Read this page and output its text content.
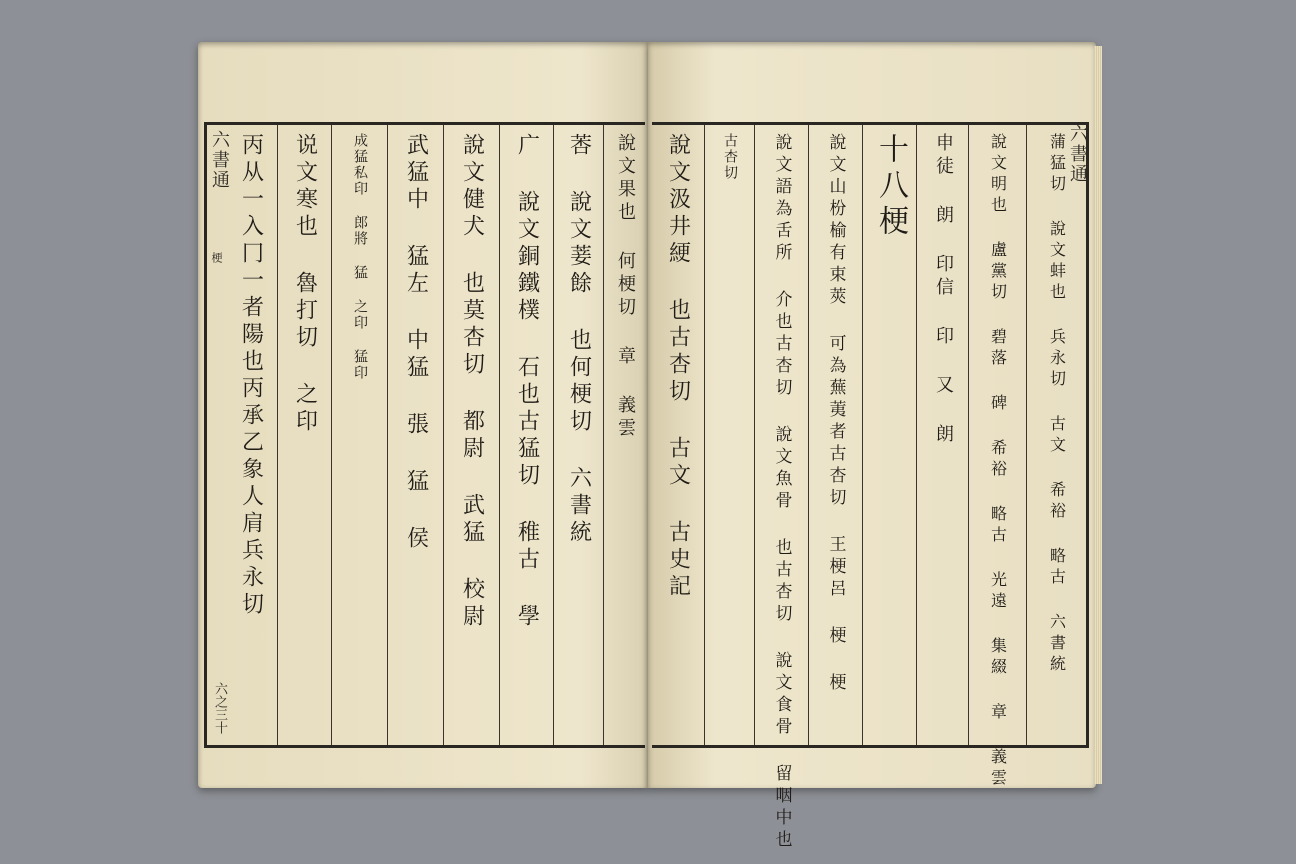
六書通
梗
六之三十
丙从一入冂一者陽也丙承乙象人肩兵永切 说文寒也 魯打切 之印 成猛私印 郎將 猛 之印 猛印 武猛中 猛左 中猛 張 猛 侯 說文健犬 也莫杏切 都尉 武猛 校尉 广 說文銅鐵樸 石也古猛切 稚古 學 莕 說文菨餘 也何梗切 六書統 說文果也 何梗切 章 義雲	六書通
說文汲井綆 也古杏切 古文 古史記 古杏切 說文語為舌所 介也古杏切 說文魚骨 也古杏切 說文食骨 留咽中也 說文山枌榆有束莢 可為蕪荑者古杏切 王梗呂 梗 梗 十八梗 申徒 朗 印信 印 又 朗 說文明也 盧黨切 碧落 碑 希裕 略古 光遠 集綴 章 義雲	蒲猛切 說文蚌也 兵永切 古文 希裕 略古 六書統
